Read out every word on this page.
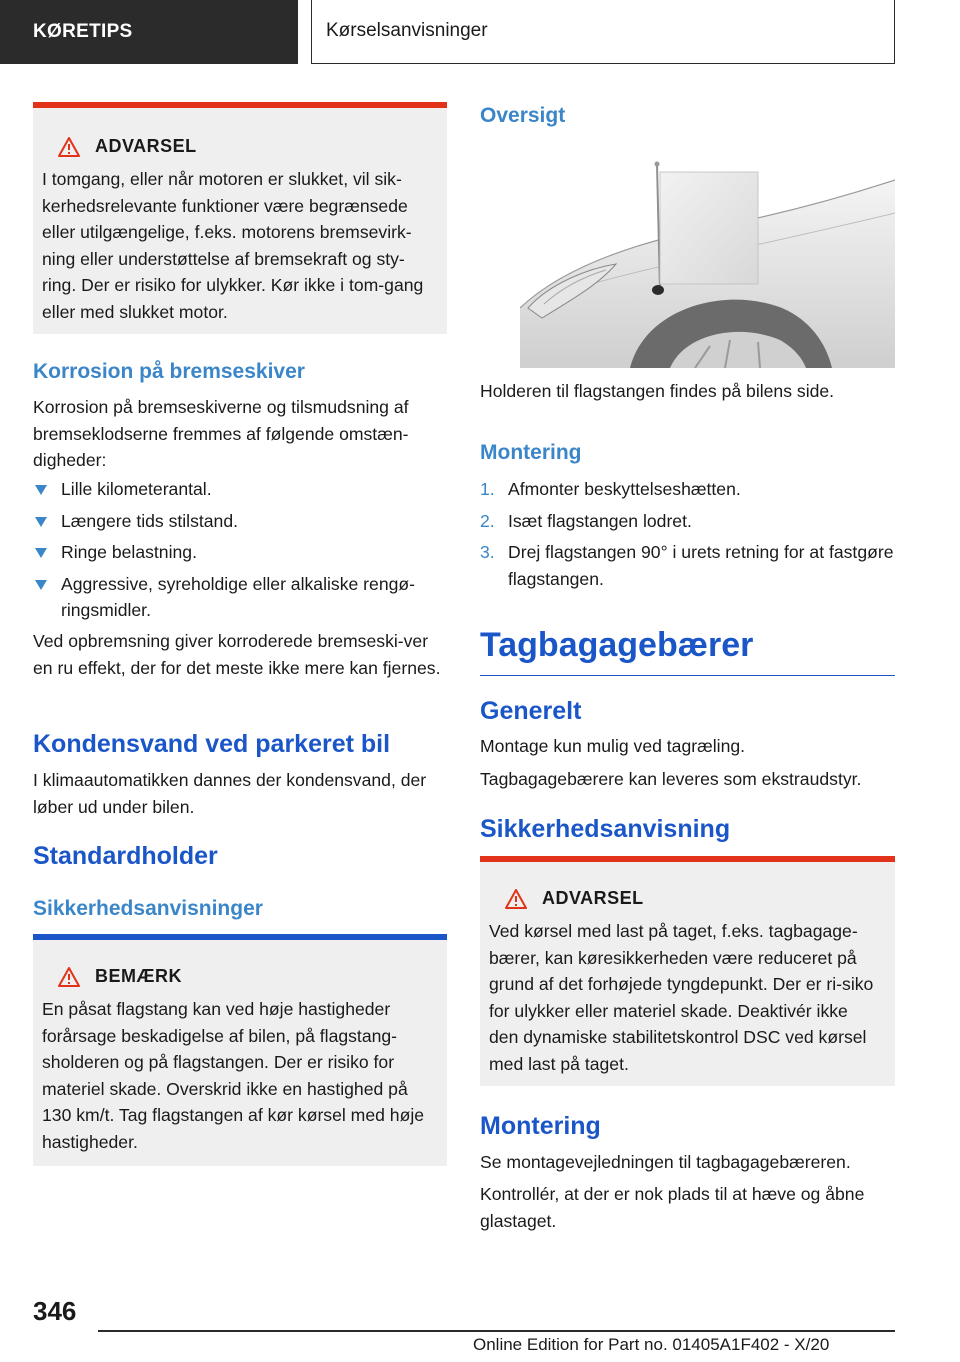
KØRETIPS	Kørselsanvisninger
ADVARSEL
I tomgang, eller når motoren er slukket, vil sik-kerhedsrelevante funktioner være begrænsede eller utilgængelige, f.eks. motorens bremsevirk-ning eller understøttelse af bremsekraft og sty-ring. Der er risiko for ulykker. Kør ikke i tom-gang eller med slukket motor.
Korrosion på bremseskiver

Korrosion på bremseskiverne og tilsmudsning af bremseklodserne fremmes af følgende omstæn-digheder:

Lille kilometerantal.
Længere tids stilstand.
Ringe belastning.
Aggressive, syreholdige eller alkaliske rengø-ringsmidler.

Ved opbremsning giver korroderede bremseski-ver en ru effekt, der for det meste ikke mere kan fjernes.

Kondensvand ved parkeret bil

I klimaautomatikken dannes der kondensvand, der løber ud under bilen.

Standardholder
Sikkerhedsanvisninger
BEMÆRK
En påsat flagstang kan ved høje hastigheder forårsage beskadigelse af bilen, på flagstang-sholderen og på flagstangen. Der er risiko for materiel skade. Overskrid ikke en hastighed på 130 km/t. Tag flagstangen af kør kørsel med høje hastigheder.
Oversigt

Holderen til flagstangen findes på bilens side.

Montering
1. Afmonter beskyttelseshætten.
2. Isæt flagstangen lodret.
3. Drej flagstangen 90° i urets retning for at fastgøre flagstangen.
Tagbagagebærer
Generelt

Montage kun mulig ved tagræling.

Tagbagagebærere kan leveres som ekstraudstyr.

Sikkerhedsanvisning
ADVARSEL
Ved kørsel med last på taget, f.eks. tagbagage-bærer, kan køresikkerheden være reduceret på grund af det forhøjede tyngdepunkt. Der er ri-siko for ulykker eller materiel skade. Deaktivér ikke den dynamiske stabilitetskontrol DSC ved kørsel med last på taget.
Montering

Se montagevejledningen til tagbagagebæreren.

Kontrollér, at der er nok plads til at hæve og åbne glastaget.

346
Online Edition for Part no. 01405A1F402 - X/20
